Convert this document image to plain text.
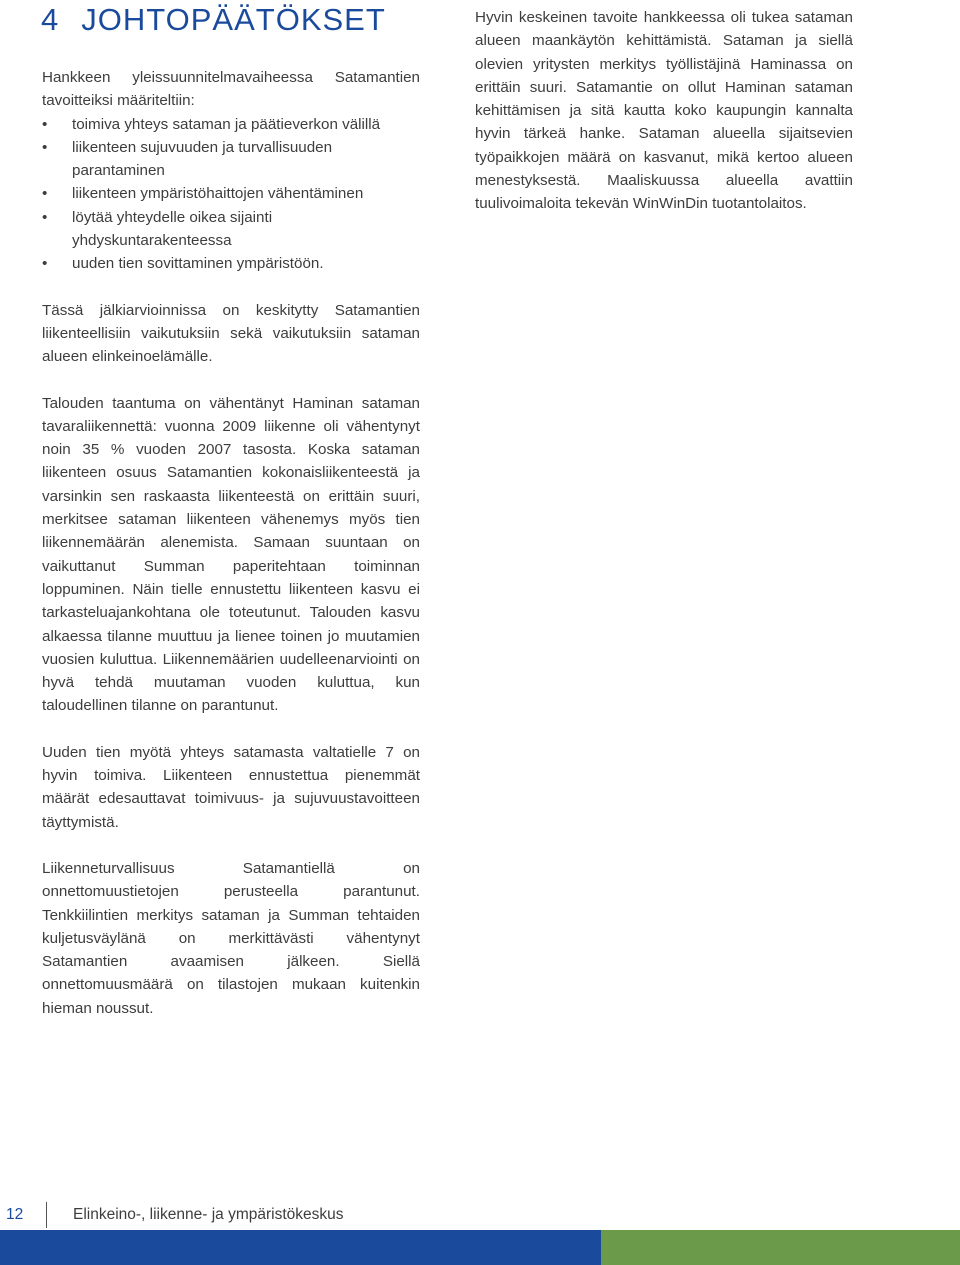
4 JOHTOPÄÄTÖKSET

Hankkeen yleissuunnitelmavaiheessa Satamantien tavoitteiksi määriteltiin:

• toimiva yhteys sataman ja päätieverkon välillä
• liikenteen sujuvuuden ja turvallisuuden parantaminen
• liikenteen ympäristöhaittojen vähentäminen
• löytää yhteydelle oikea sijainti yhdyskuntarakenteessa
• uuden tien sovittaminen ympäristöön.

Tässä jälkiarvioinnissa on keskitytty Satamantien liikenteellisiin vaikutuksiin sekä vaikutuksiin sataman alueen elinkeinoelämälle.

Talouden taantuma on vähentänyt Haminan sataman tavaraliikennettä: vuonna 2009 liikenne oli vähentynyt noin 35 % vuoden 2007 tasosta. Koska sataman liikenteen osuus Satamantien kokonaisliikenteestä ja varsinkin sen raskaasta liikenteestä on erittäin suuri, merkitsee sataman liikenteen vähenemys myös tien liikennemäärän alenemista. Samaan suuntaan on vaikuttanut Summan paperitehtaan toiminnan loppuminen. Näin tielle ennustettu liikenteen kasvu ei tarkasteluajankohtana ole toteutunut. Talouden kasvu alkaessa tilanne muuttuu ja lienee toinen jo muutamien vuosien kuluttua. Liikennemäärien uudelleenarviointi on hyvä tehdä muutaman vuoden kuluttua, kun taloudellinen tilanne on parantunut.

Uuden tien myötä yhteys satamasta valtatielle 7 on hyvin toimiva. Liikenteen ennustettua pienemmät määrät edesauttavat toimivuus- ja sujuvuustavoitteen täyttymistä.

Liikenneturvallisuus Satamantiellä on onnettomuustietojen perusteella parantunut. Tenkkiilintien merkitys sataman ja Summan tehtaiden kuljetusväylänä on merkittävästi vähentynyt Satamantien avaamisen jälkeen. Siellä onnettomuusmäärä on tilastojen mukaan kuitenkin hieman noussut.

Hyvin keskeinen tavoite hankkeessa oli tukea sataman alueen maankäytön kehittämistä. Sataman ja siellä olevien yritysten merkitys työllistäjinä Haminassa on erittäin suuri. Satamantie on ollut Haminan sataman kehittämisen ja sitä kautta koko kaupungin kannalta hyvin tärkeä hanke. Sataman alueella sijaitsevien työpaikkojen määrä on kasvanut, mikä kertoo alueen menestyksestä. Maaliskuussa alueella avattiin tuulivoimaloita tekevän WinWinDin tuotantolaitos.

12	Elinkeino-, liikenne- ja ympäristökeskus
